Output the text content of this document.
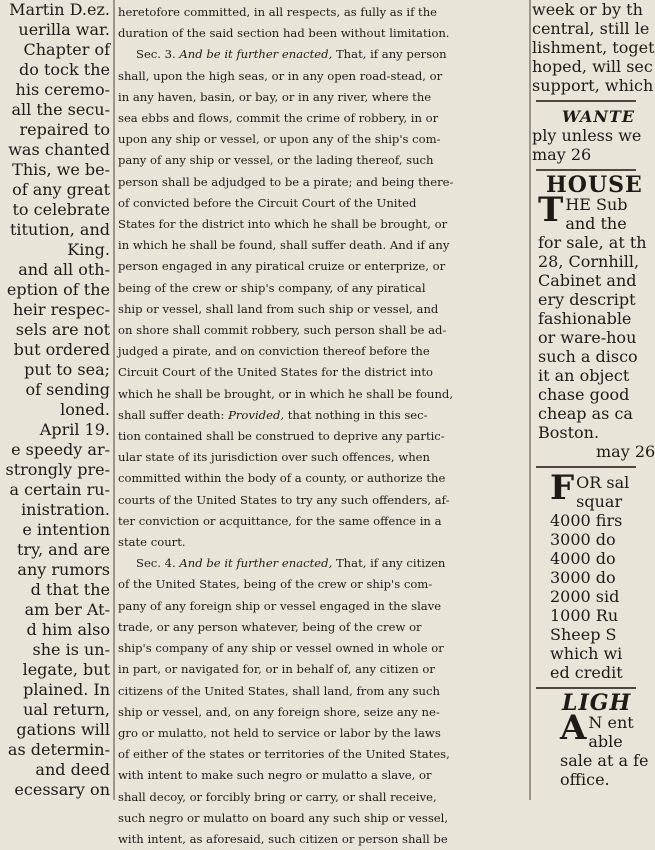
Martin D.ez.
uerilla war.
Chapter of
do tock the
his ceremo-
all the secu-
repaired to
was chanted
This, we be-
of any great
to celebrate
titution, and
King.
and all oth-
eption of the
heir respec-
sels are not
but ordered
put to sea;
of sending
loned.
April 19.
e speedy ar-
strongly pre-
a certain ru-
inistration.
e intention
try, and are
any rumors
d that the
am ber At-
d him also
she is un-
legate, but
plained. In
ual return,
gations will
as determin-
and deed
ecessary on
heretofore committed, in all respects, as fully as if the
duration of the said section had been without limitation.
Sec. 3. And be it further enacted, That, if any person
shall, upon the high seas, or in any open road-stead, or
in any haven, basin, or bay, or in any river, where the
sea ebbs and flows, commit the crime of robbery, in or
upon any ship or vessel, or upon any of the ship's com-
pany of any ship or vessel, or the lading thereof, such
person shall be adjudged to be a pirate; and being there-
of convicted before the Circuit Court of the United
States for the district into which he shall be brought, or
in which he shall be found, shall suffer death. And if any
person engaged in any piratical cruize or enterprize, or
being of the crew or ship's company, of any piratical
ship or vessel, shall land from such ship or vessel, and
on shore shall commit robbery, such person shall be ad-
judged a pirate, and on conviction thereof before the
Circuit Court of the United States for the district into
which he shall be brought, or in which he shall be found,
shall suffer death: Provided, that nothing in this sec-
tion contained shall be construed to deprive any partic-
ular state of its jurisdiction over such offences, when
committed within the body of a county, or authorize the
courts of the United States to try any such offenders, af-
ter conviction or acquittance, for the same offence in a
state court.
Sec. 4. And be it further enacted, That, if any citizen
of the United States, being of the crew or ship's com-
pany of any foreign ship or vessel engaged in the slave
trade, or any person whatever, being of the crew or
ship's company of any ship or vessel owned in whole or
in part, or navigated for, or in behalf of, any citizen or
citizens of the United States, shall land, from any such
ship or vessel, and, on any foreign shore, seize any ne-
gro or mulatto, not held to service or labor by the laws
of either of the states or territories of the United States,
with intent to make such negro or mulatto a slave, or
shall decoy, or forcibly bring or carry, or shall receive,
such negro or mulatto on board any such ship or vessel,
with intent, as aforesaid, such citizen or person shall be
week or by th
central, still le
lishment, toget
hoped, will sec
support, which
WANTE
ply unless we
may 26
HOUSE
T HE Sub
and the
for sale, at th
28, Cornhill,
Cabinet and
ery descript
fashionable
or ware-hou
such a disco
it an object
chase good
cheap as ca
Boston.
may 26
F OR sal
squar
4000 firs
3000 do
4000 do
3000 do
2000 sid
1000 Ru
Sheep S
which wi
ed credit
LIGH
A N ent
able
sale at a fe
office.
